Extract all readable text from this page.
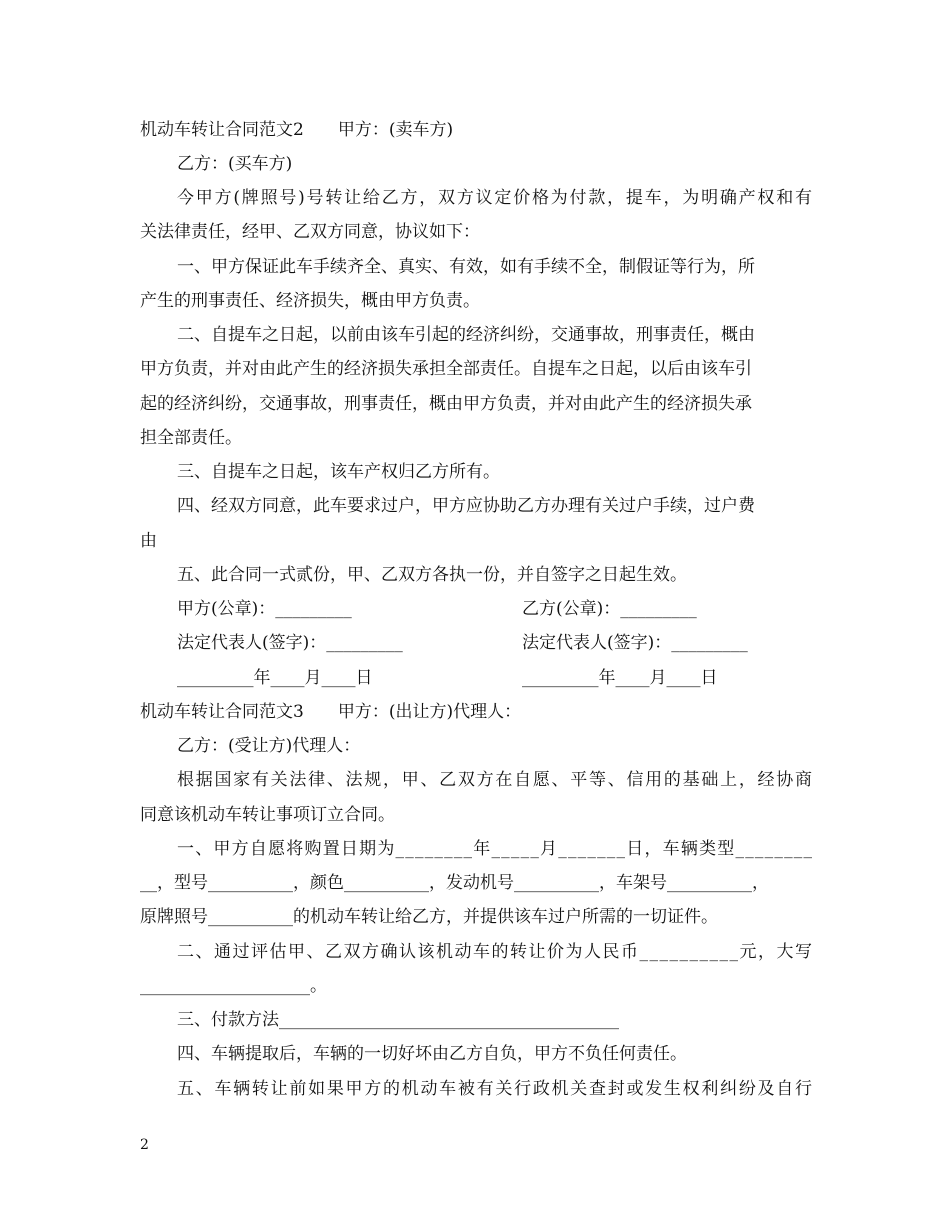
机动车转让合同范文2　　甲方：(卖车方)
乙方：(买车方)
今甲方(牌照号)号转让给乙方，双方议定价格为付款，提车，为明确产权和有
关法律责任，经甲、乙双方同意，协议如下：
一、甲方保证此车手续齐全、真实、有效，如有手续不全，制假证等行为，所
产生的刑事责任、经济损失，概由甲方负责。
二、自提车之日起，以前由该车引起的经济纠纷，交通事故，刑事责任，概由
甲方负责，并对由此产生的经济损失承担全部责任。自提车之日起，以后由该车引
起的经济纠纷，交通事故，刑事责任，概由甲方负责，并对由此产生的经济损失承
担全部责任。
三、自提车之日起，该车产权归乙方所有。
四、经双方同意，此车要求过户，甲方应协助乙方办理有关过户手续，过户费
由
五、此合同一式贰份，甲、乙双方各执一份，并自签字之日起生效。
甲方(公章)：_________	乙方(公章)：_________
法定代表人(签字)：_________	法定代表人(签字)：_________
_________年____月____日	_________年____月____日
机动车转让合同范文3　　甲方：(出让方)代理人：
乙方：(受让方)代理人：
根据国家有关法律、法规，甲、乙双方在自愿、平等、信用的基础上，经协商
同意该机动车转让事项订立合同。
一、甲方自愿将购置日期为________年_____月_______日，车辆类型________
__，型号__________，颜色__________，发动机号__________，车架号__________，
原牌照号__________的机动车转让给乙方，并提供该车过户所需的一切证件。
二、通过评估甲、乙双方确认该机动车的转让价为人民币__________元，大写
____________________。
三、付款方法________________________________________
四、车辆提取后，车辆的一切好坏由乙方自负，甲方不负任何责任。
五、车辆转让前如果甲方的机动车被有关行政机关查封或发生权利纠纷及自行
2
